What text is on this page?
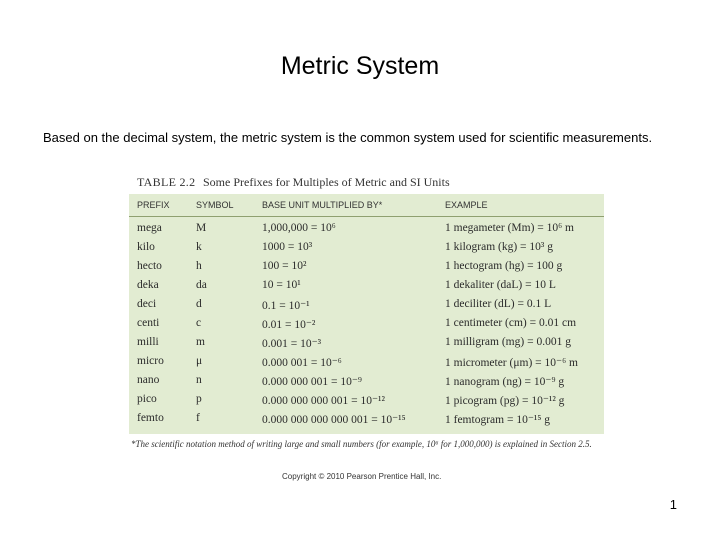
Metric System
Based on the decimal system, the metric system is the common system used for scientific measurements.
TABLE 2.2 Some Prefixes for Multiples of Metric and SI Units
PREFIX	SYMBOL	BASE UNIT MULTIPLIED BY*	EXAMPLE
mega	M	1,000,000 = 10⁶	1 megameter (Mm) = 10⁶ m
kilo	k	1000 = 10³	1 kilogram (kg) = 10³ g
hecto	h	100 = 10²	1 hectogram (hg) = 100 g
deka	da	10 = 10¹	1 dekaliter (daL) = 10 L
deci	d	0.1 = 10⁻¹	1 deciliter (dL) = 0.1 L
centi	c	0.01 = 10⁻²	1 centimeter (cm) = 0.01 cm
milli	m	0.001 = 10⁻³	1 milligram (mg) = 0.001 g
micro	μ	0.000 001 = 10⁻⁶	1 micrometer (μm) = 10⁻⁶ m
nano	n	0.000 000 001 = 10⁻⁹	1 nanogram (ng) = 10⁻⁹ g
pico	p	0.000 000 000 001 = 10⁻¹²	1 picogram (pg) = 10⁻¹² g
femto	f	0.000 000 000 000 001 = 10⁻¹⁵	1 femtogram = 10⁻¹⁵ g
*The scientific notation method of writing large and small numbers (for example, 10⁶ for 1,000,000) is explained in Section 2.5.
Copyright © 2010 Pearson Prentice Hall, Inc.
1
